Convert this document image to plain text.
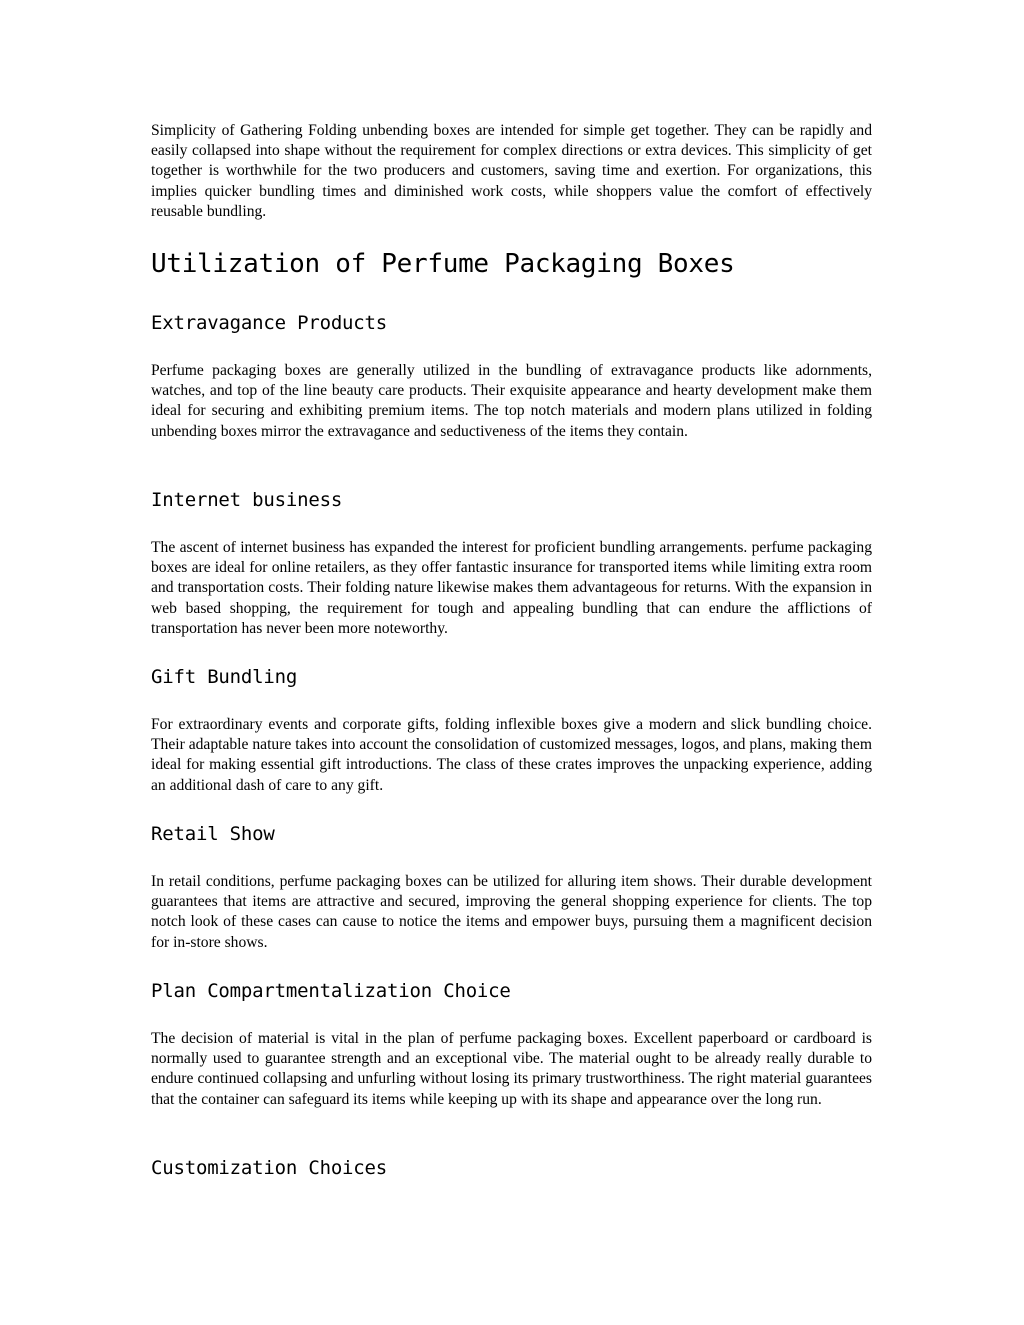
Simplicity of Gathering Folding unbending boxes are intended for simple get together. They can be rapidly and easily collapsed into shape without the requirement for complex directions or extra devices. This simplicity of get together is worthwhile for the two producers and customers, saving time and exertion. For organizations, this implies quicker bundling times and diminished work costs, while shoppers value the comfort of effectively reusable bundling.

Utilization of Perfume Packaging Boxes
Extravagance Products

Perfume packaging boxes are generally utilized in the bundling of extravagance products like adornments, watches, and top of the line beauty care products. Their exquisite appearance and hearty development make them ideal for securing and exhibiting premium items. The top notch materials and modern plans utilized in folding unbending boxes mirror the extravagance and seductiveness of the items they contain.

Internet business

The ascent of internet business has expanded the interest for proficient bundling arrangements. perfume packaging boxes are ideal for online retailers, as they offer fantastic insurance for transported items while limiting extra room and transportation costs. Their folding nature likewise makes them advantageous for returns. With the expansion in web based shopping, the requirement for tough and appealing bundling that can endure the afflictions of transportation has never been more noteworthy.

Gift Bundling

For extraordinary events and corporate gifts, folding inflexible boxes give a modern and slick bundling choice. Their adaptable nature takes into account the consolidation of customized messages, logos, and plans, making them ideal for making essential gift introductions. The class of these crates improves the unpacking experience, adding an additional dash of care to any gift.

Retail Show

In retail conditions, perfume packaging boxes can be utilized for alluring item shows. Their durable development guarantees that items are attractive and secured, improving the general shopping experience for clients. The top notch look of these cases can cause to notice the items and empower buys, pursuing them a magnificent decision for in-store shows.

Plan Compartmentalization Choice

The decision of material is vital in the plan of perfume packaging boxes. Excellent paperboard or cardboard is normally used to guarantee strength and an exceptional vibe. The material ought to be already really durable to endure continued collapsing and unfurling without losing its primary trustworthiness. The right material guarantees that the container can safeguard its items while keeping up with its shape and appearance over the long run.

Customization Choices
